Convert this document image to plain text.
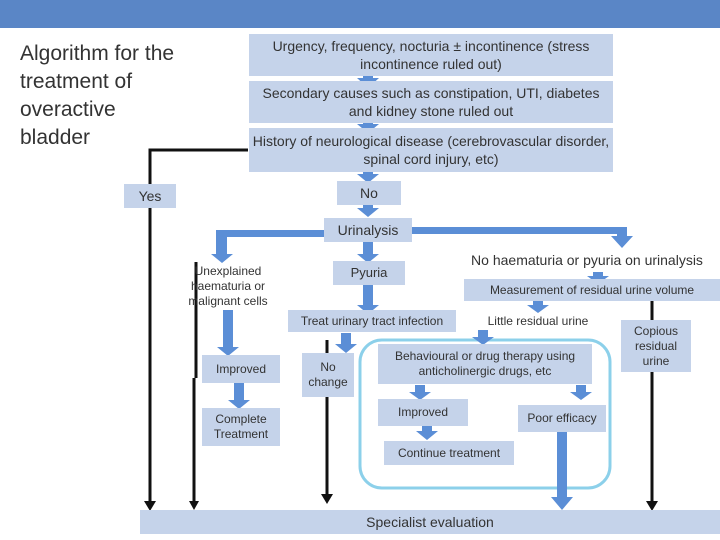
Algorithm for the treatment of overactive bladder
Urgency, frequency, nocturia ± incontinence (stress incontinence ruled out)
Secondary causes such as constipation, UTI, diabetes and kidney stone ruled out
History of neurological disease (cerebrovascular disorder, spinal cord injury, etc)
Yes	No
Urinalysis
Unexplained haematuria or malignant cells
Pyuria
No haematuria or pyuria on urinalysis
Measurement of residual urine volume
Treat urinary tract infection	Little residual urine
Copious residual urine
Improved	No change
Behavioural or drug therapy using anticholinergic drugs, etc
Complete Treatment
Improved	Poor efficacy
Continue treatment
Specialist evaluation
